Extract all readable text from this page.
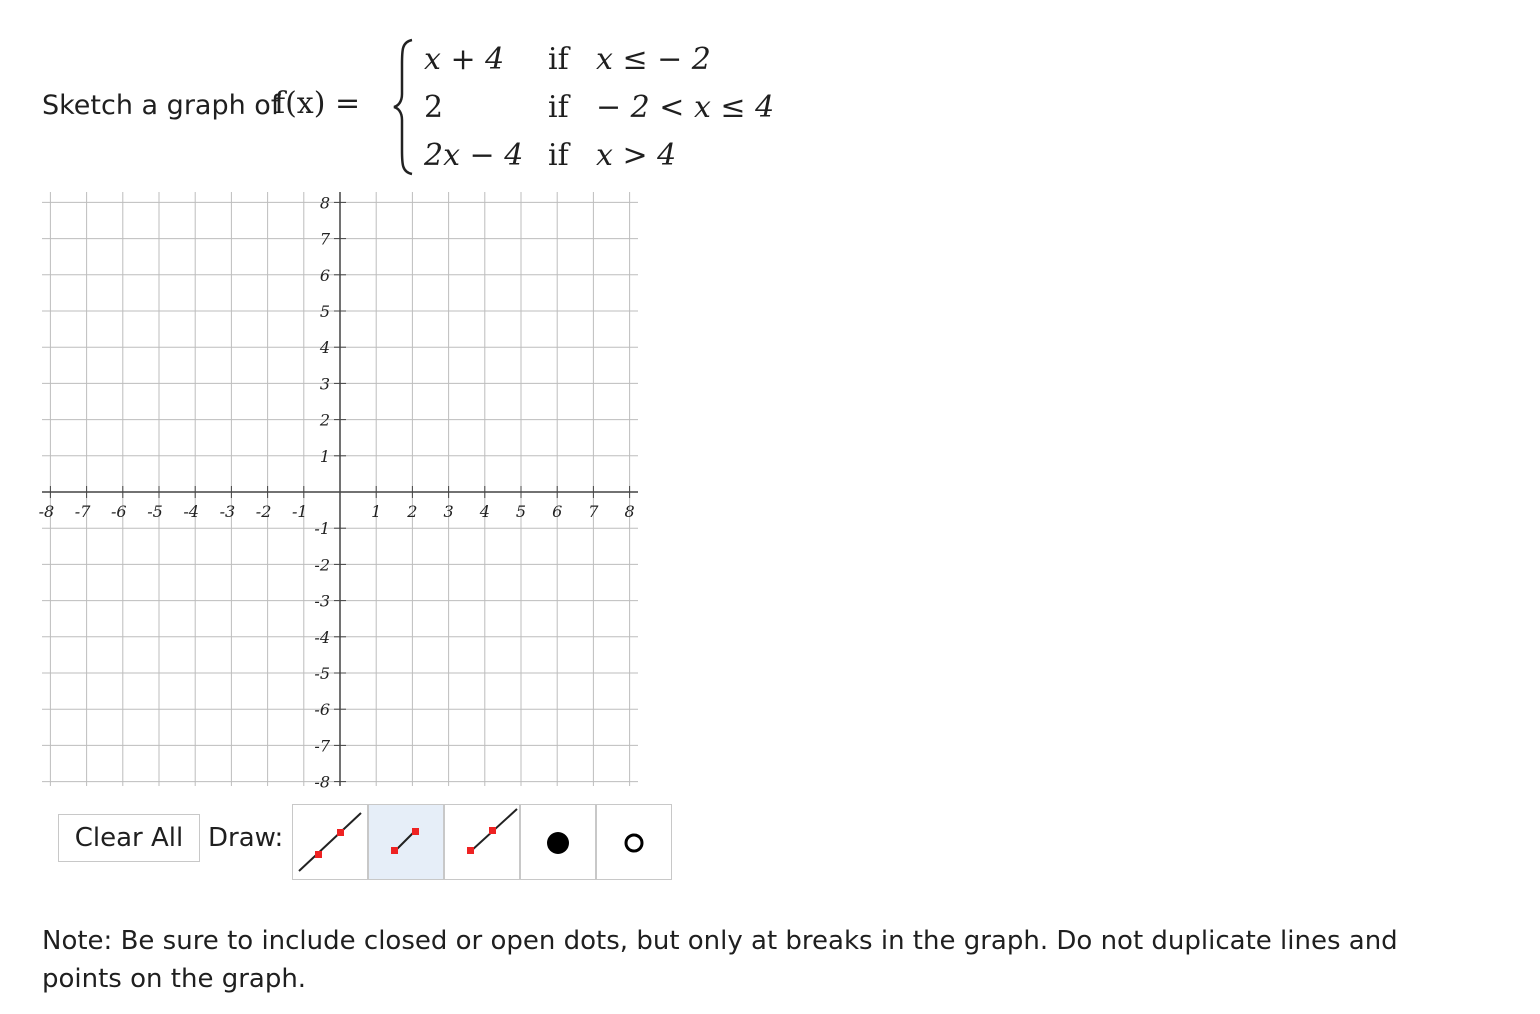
Sketch a graph of
f(x) =
x + 4 if x ≤ − 2
2	if − 2 < x ≤ 4
2x − 4 if x > 4
-8 -7 -6 -5 -4 -3 -2 -1	1 2 3 4 5 6 7 8
8
7
6
5
4
3
2
1
-1
-2
-3
-4
-5
-6
-7
-8
Clear All Draw:
Note: Be sure to include closed or open dots, but only at breaks in the graph. Do not duplicate lines and points on the graph.
